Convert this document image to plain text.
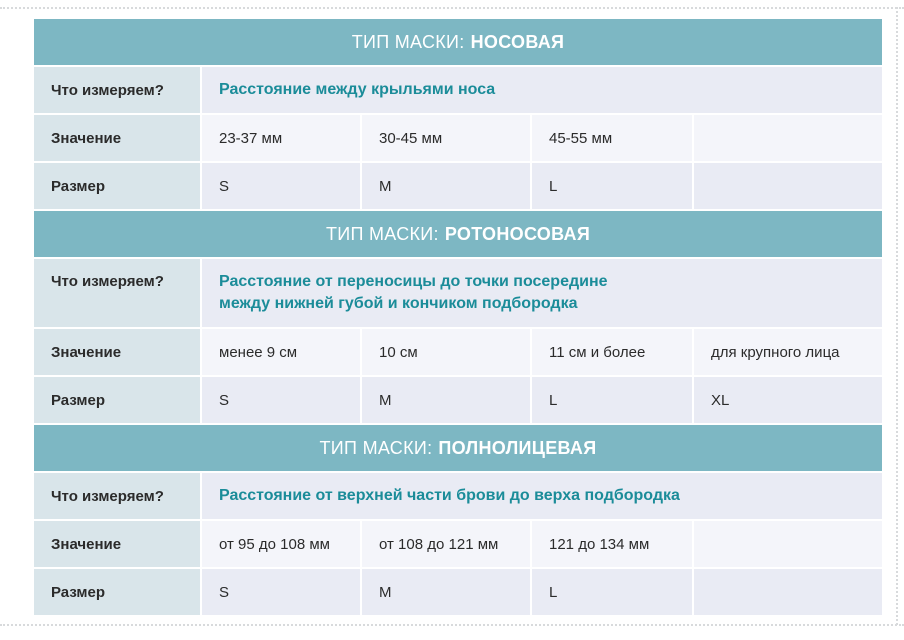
ТИП МАСКИ: НОСОВАЯ
Что измеряем?	Расстояние между крыльями носа
Значение	23-37 мм	30-45 мм	45-55 мм
Размер	S	M	L
ТИП МАСКИ: РОТОНОСОВАЯ
Что измеряем?	Расстояние от переносицы до точки посередине
между нижней губой и кончиком подбородка
Значение	менее 9 см	10 см	11 см и более	для крупного лица
Размер	S	M	L	XL
ТИП МАСКИ: ПОЛНОЛИЦЕВАЯ
Что измеряем?	Расстояние от верхней части брови до верха подбородка
Значение	от 95 до 108 мм	от 108 до 121 мм	121 до 134 мм
Размер	S	M	L
